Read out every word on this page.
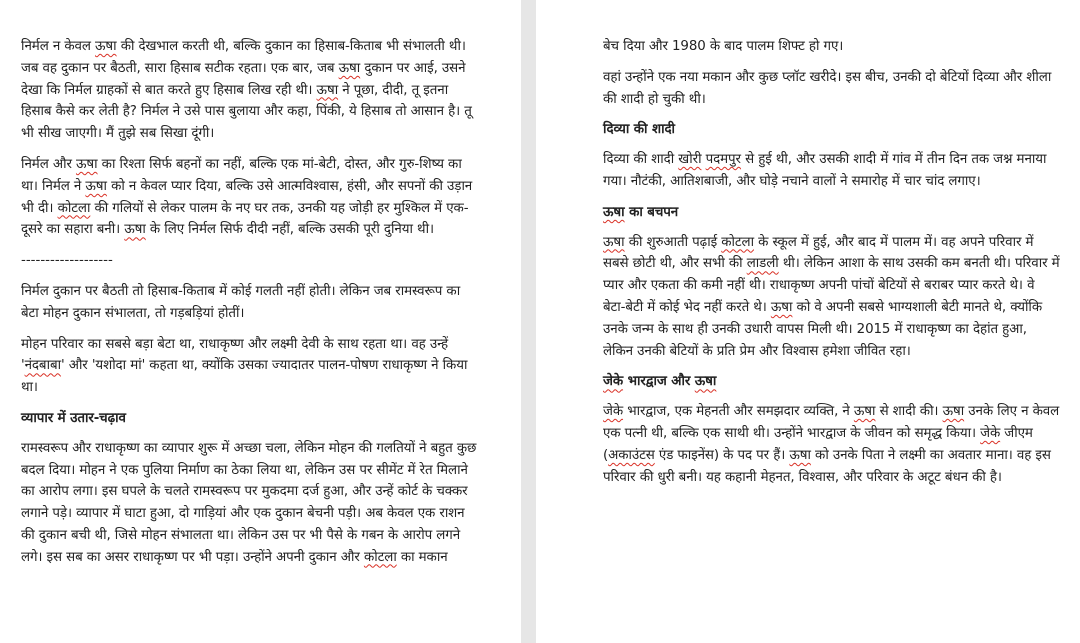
निर्मल न केवल ऊषा की देखभाल करती थी, बल्कि दुकान का हिसाब-किताब भी संभालती थी। जब वह दुकान पर बैठती, सारा हिसाब सटीक रहता। एक बार, जब ऊषा दुकान पर आई, उसने देखा कि निर्मल ग्राहकों से बात करते हुए हिसाब लिख रही थी। ऊषा ने पूछा, दीदी, तू इतना हिसाब कैसे कर लेती है? निर्मल ने उसे पास बुलाया और कहा, पिंकी, ये हिसाब तो आसान है। तू भी सीख जाएगी। मैं तुझे सब सिखा दूंगी।

निर्मल और ऊषा का रिश्ता सिर्फ बहनों का नहीं, बल्कि एक मां-बेटी, दोस्त, और गुरु-शिष्य का था। निर्मल ने ऊषा को न केवल प्यार दिया, बल्कि उसे आत्मविश्वास, हंसी, और सपनों की उड़ान भी दी। कोटला की गलियों से लेकर पालम के नए घर तक, उनकी यह जोड़ी हर मुश्किल में एक-दूसरे का सहारा बनी। ऊषा के लिए निर्मल सिर्फ दीदी नहीं, बल्कि उसकी पूरी दुनिया थी।

-------------------

निर्मल दुकान पर बैठती तो हिसाब-किताब में कोई गलती नहीं होती। लेकिन जब रामस्वरूप का बेटा मोहन दुकान संभालता, तो गड़बड़ियां होतीं।

मोहन परिवार का सबसे बड़ा बेटा था, राधाकृष्ण और लक्ष्मी देवी के साथ रहता था। वह उन्हें 'नंदबाबा' और 'यशोदा मां' कहता था, क्योंकि उसका ज्यादातर पालन-पोषण राधाकृष्ण ने किया था।

व्यापार में उतार-चढ़ाव

रामस्वरूप और राधाकृष्ण का व्यापार शुरू में अच्छा चला, लेकिन मोहन की गलतियों ने बहुत कुछ बदल दिया। मोहन ने एक पुलिया निर्माण का ठेका लिया था, लेकिन उस पर सीमेंट में रेत मिलाने का आरोप लगा। इस घपले के चलते रामस्वरूप पर मुकदमा दर्ज हुआ, और उन्हें कोर्ट के चक्कर लगाने पड़े। व्यापार में घाटा हुआ, दो गाड़ियां और एक दुकान बेचनी पड़ी। अब केवल एक राशन की दुकान बची थी, जिसे मोहन संभालता था। लेकिन उस पर भी पैसे के गबन के आरोप लगने लगे। इस सब का असर राधाकृष्ण पर भी पड़ा। उन्होंने अपनी दुकान और कोटला का मकान

बेच दिया और 1980 के बाद पालम शिफ्ट हो गए।

वहां उन्होंने एक नया मकान और कुछ प्लॉट खरीदे। इस बीच, उनकी दो बेटियों दिव्या और शीला की शादी हो चुकी थी।

दिव्या की शादी

दिव्या की शादी खोरी पदमपुर से हुई थी, और उसकी शादी में गांव में तीन दिन तक जश्न मनाया गया। नौटंकी, आतिशबाजी, और घोड़े नचाने वालों ने समारोह में चार चांद लगाए।

ऊषा का बचपन

ऊषा की शुरुआती पढ़ाई कोटला के स्कूल में हुई, और बाद में पालम में। वह अपने परिवार में सबसे छोटी थी, और सभी की लाडली थी। लेकिन आशा के साथ उसकी कम बनती थी। परिवार में प्यार और एकता की कमी नहीं थी। राधाकृष्ण अपनी पांचों बेटियों से बराबर प्यार करते थे। वे बेटा-बेटी में कोई भेद नहीं करते थे। ऊषा को वे अपनी सबसे भाग्यशाली बेटी मानते थे, क्योंकि उनके जन्म के साथ ही उनकी उधारी वापस मिली थी। 2015 में राधाकृष्ण का देहांत हुआ, लेकिन उनकी बेटियों के प्रति प्रेम और विश्वास हमेशा जीवित रहा।

जेके भारद्वाज और ऊषा

जेके भारद्वाज, एक मेहनती और समझदार व्यक्ति, ने ऊषा से शादी की। ऊषा उनके लिए न केवल एक पत्नी थी, बल्कि एक साथी थी। उन्होंने भारद्वाज के जीवन को समृद्ध किया। जेके जीएम (अकाउंटस एंड फाइनेंस) के पद पर हैं। ऊषा को उनके पिता ने लक्ष्मी का अवतार माना। वह इस परिवार की धुरी बनी। यह कहानी मेहनत, विश्वास, और परिवार के अटूट बंधन की है।
